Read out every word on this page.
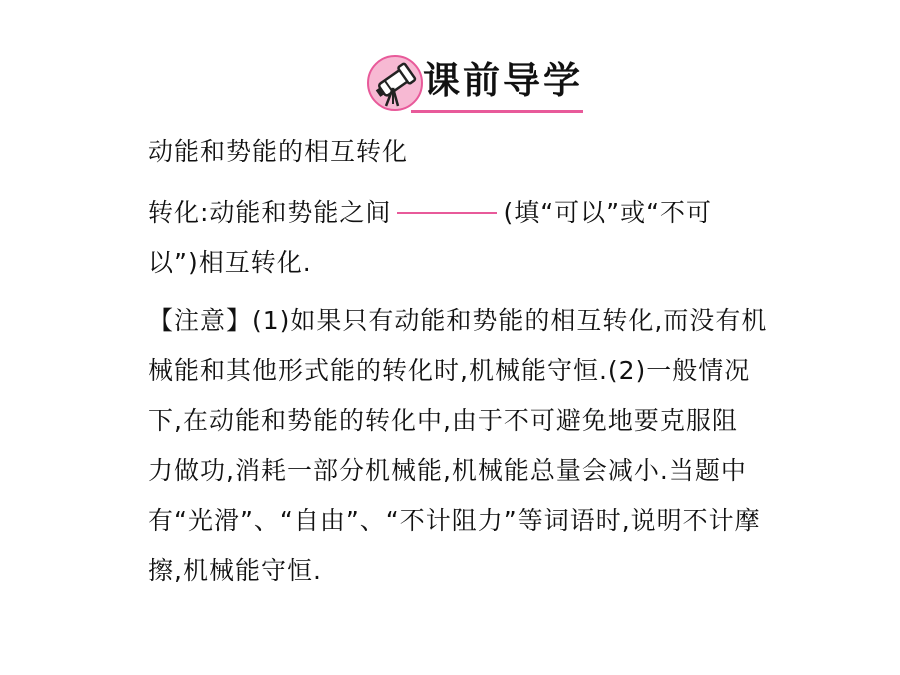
课前导学
动能和势能的相互转化
转化:动能和势能之间	(填“可以”或“不可
以”)相互转化.
【注意】(1)如果只有动能和势能的相互转化,而没有机
械能和其他形式能的转化时,机械能守恒.(2)一般情况
下,在动能和势能的转化中,由于不可避免地要克服阻
力做功,消耗一部分机械能,机械能总量会减小.当题中
有“光滑”、“自由”、“不计阻力”等词语时,说明不计摩
擦,机械能守恒.
